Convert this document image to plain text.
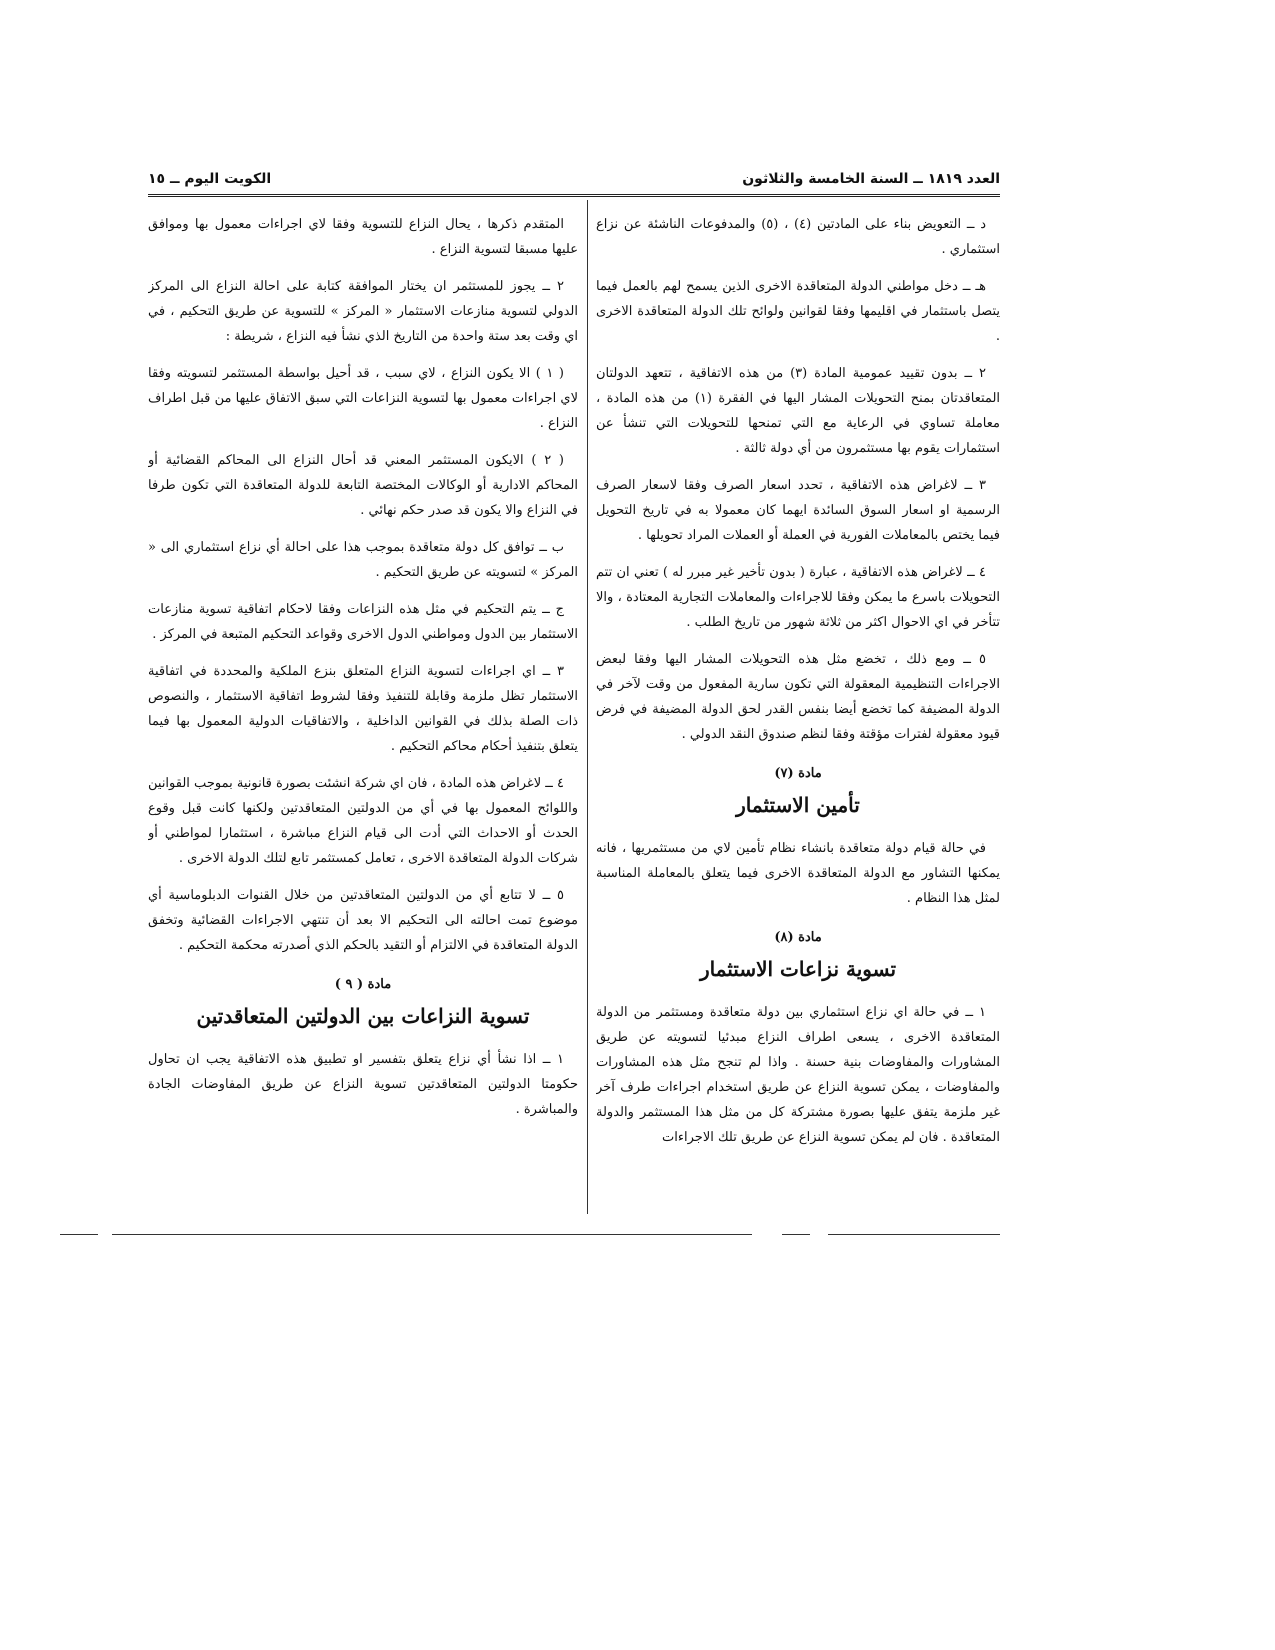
الكويت اليوم ــ ١٥	العدد ١٨١٩ ــ السنة الخامسة والثلاثون

د ــ التعويض بناء على المادتين (٤) ، (٥) والمدفوعات الناشئة عن نزاع استثماري .

هـ ــ دخل مواطني الدولة المتعاقدة الاخرى الذين يسمح لهم بالعمل فيما يتصل باستثمار في اقليمها وفقا لقوانين ولوائح تلك الدولة المتعاقدة الاخرى .

٢ ــ بدون تقييد عمومية المادة (٣) من هذه الاتفاقية ، تتعهد الدولتان المتعاقدتان بمنح التحويلات المشار اليها في الفقرة (١) من هذه المادة ، معاملة تساوي في الرعاية مع التي تمنحها للتحويلات التي تنشأ عن استثمارات يقوم بها مستثمرون من أي دولة ثالثة .

٣ ــ لاغراض هذه الاتفاقية ، تحدد اسعار الصرف وفقا لاسعار الصرف الرسمية او اسعار السوق السائدة ايهما كان معمولا به في تاريخ التحويل فيما يختص بالمعاملات الفورية في العملة أو العملات المراد تحويلها .

٤ ــ لاغراض هذه الاتفاقية ، عبارة ( بدون تأخير غير مبرر له ) تعني ان تتم التحويلات باسرع ما يمكن وفقا للاجراءات والمعاملات التجارية المعتادة ، والا تتأخر في اي الاحوال اكثر من ثلاثة شهور من تاريخ الطلب .

٥ ــ ومع ذلك ، تخضع مثل هذه التحويلات المشار اليها وفقا لبعض الاجراءات التنظيمية المعقولة التي تكون سارية المفعول من وقت لآخر في الدولة المضيفة كما تخضع أيضا بنفس القدر لحق الدولة المضيفة في فرض قيود معقولة لفترات مؤقتة وفقا لنظم صندوق النقد الدولي .

مادة (٧)
تأمين الاستثمار

في حالة قيام دولة متعاقدة بانشاء نظام تأمين لاي من مستثمريها ، فانه يمكنها التشاور مع الدولة المتعاقدة الاخرى فيما يتعلق بالمعاملة المناسبة لمثل هذا النظام .

مادة (٨)
تسوية نزاعات الاستثمار

١ ــ في حالة اي نزاع استثماري بين دولة متعاقدة ومستثمر من الدولة المتعاقدة الاخرى ، يسعى اطراف النزاع مبدئيا لتسويته عن طريق المشاورات والمفاوضات بنية حسنة . واذا لم تنجح مثل هذه المشاورات والمفاوضات ، يمكن تسوية النزاع عن طريق استخدام اجراءات طرف آخر غير ملزمة يتفق عليها بصورة مشتركة كل من مثل هذا المستثمر والدولة المتعاقدة . فان لم يمكن تسوية النزاع عن طريق تلك الاجراءات

المتقدم ذكرها ، يحال النزاع للتسوية وفقا لاي اجراءات معمول بها وموافق عليها مسبقا لتسوية النزاع .

٢ ــ يجوز للمستثمر ان يختار الموافقة كتابة على احالة النزاع الى المركز الدولي لتسوية منازعات الاستثمار « المركز » للتسوية عن طريق التحكيم ، في اي وقت بعد ستة واحدة من التاريخ الذي نشأ فيه النزاع ، شريطة :

( ١ ) الا يكون النزاع ، لاي سبب ، قد أحيل بواسطة المستثمر لتسويته وفقا لاي اجراءات معمول بها لتسوية النزاعات التي سبق الاتفاق عليها من قبل اطراف النزاع .

( ٢ ) الايكون المستثمر المعني قد أحال النزاع الى المحاكم القضائية أو المحاكم الادارية أو الوكالات المختصة التابعة للدولة المتعاقدة التي تكون طرفا في النزاع والا يكون قد صدر حكم نهائي .

ب ــ توافق كل دولة متعاقدة بموجب هذا على احالة أي نزاع استثماري الى « المركز » لتسويته عن طريق التحكيم .

ج ــ يتم التحكيم في مثل هذه النزاعات وفقا لاحكام اتفاقية تسوية منازعات الاستثمار بين الدول ومواطني الدول الاخرى وقواعد التحكيم المتبعة في المركز .

٣ ــ اي اجراءات لتسوية النزاع المتعلق بنزع الملكية والمحددة في اتفاقية الاستثمار تظل ملزمة وقابلة للتنفيذ وفقا لشروط اتفاقية الاستثمار ، والنصوص ذات الصلة بذلك في القوانين الداخلية ، والاتفاقيات الدولية المعمول بها فيما يتعلق بتنفيذ أحكام محاكم التحكيم .

٤ ــ لاغراض هذه المادة ، فان اي شركة انشئت بصورة قانونية بموجب القوانين واللوائح المعمول بها في أي من الدولتين المتعاقدتين ولكنها كانت قبل وقوع الحدث أو الاحداث التي أدت الى قيام النزاع مباشرة ، استثمارا لمواطني أو شركات الدولة المتعاقدة الاخرى ، تعامل كمستثمر تابع لتلك الدولة الاخرى .

٥ ــ لا تتابع أي من الدولتين المتعاقدتين من خلال القنوات الدبلوماسية أي موضوع تمت احالته الى التحكيم الا بعد أن تنتهي الاجراءات القضائية وتخفق الدولة المتعاقدة في الالتزام أو التقيد بالحكم الذي أصدرته محكمة التحكيم .

مادة ( ٩ )
تسوية النزاعات بين الدولتين المتعاقدتين

١ ــ اذا نشأ أي نزاع يتعلق بتفسير او تطبيق هذه الاتفاقية يجب ان تحاول حكومتا الدولتين المتعاقدتين تسوية النزاع عن طريق المفاوضات الجادة والمباشرة .
